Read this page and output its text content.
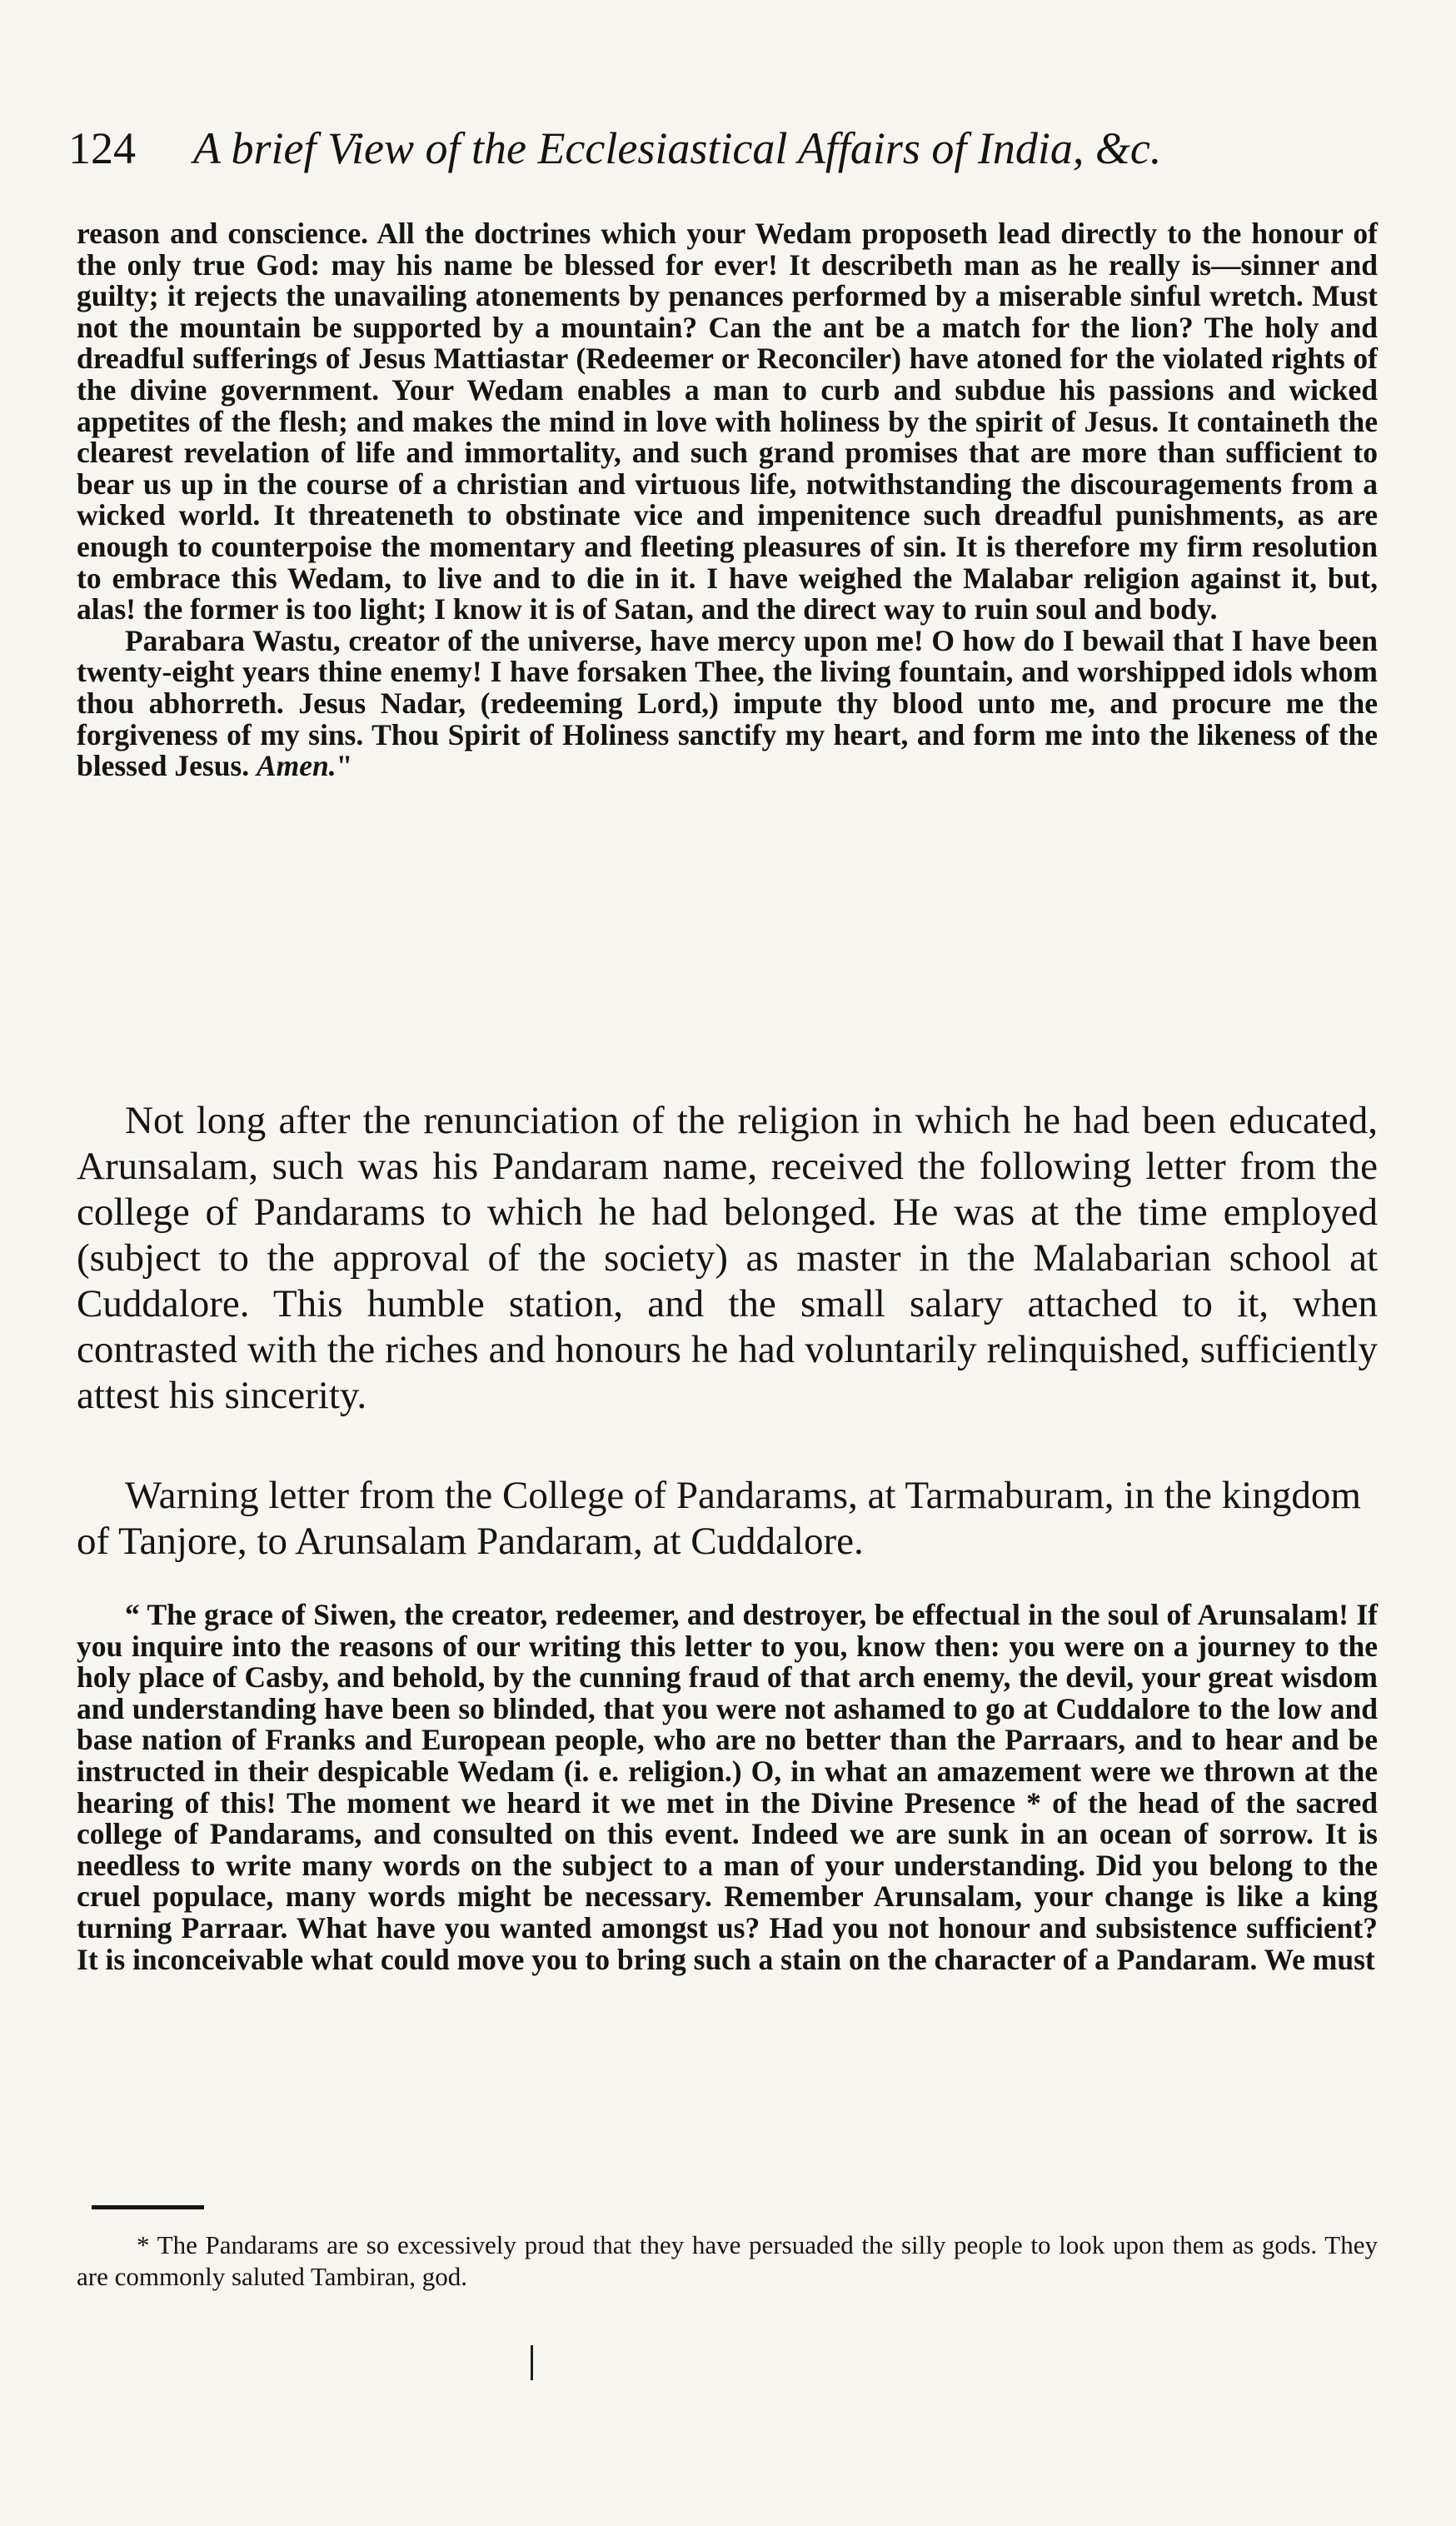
124 A brief View of the Ecclesiastical Affairs of India, &c.

reason and conscience. All the doctrines which your Wedam proposeth lead directly to the honour of the only true God: may his name be blessed for ever! It describeth man as he really is—sinner and guilty; it rejects the unavailing atonements by penances performed by a miserable sinful wretch. Must not the mountain be supported by a mountain? Can the ant be a match for the lion? The holy and dreadful sufferings of Jesus Mattiastar (Redeemer or Reconciler) have atoned for the violated rights of the divine government. Your Wedam enables a man to curb and subdue his passions and wicked appetites of the flesh; and makes the mind in love with holiness by the spirit of Jesus. It containeth the clearest revelation of life and immortality, and such grand promises that are more than sufficient to bear us up in the course of a christian and virtuous life, notwithstanding the discouragements from a wicked world. It threateneth to obstinate vice and impenitence such dreadful punishments, as are enough to counterpoise the momentary and fleeting pleasures of sin. It is therefore my firm resolution to embrace this Wedam, to live and to die in it. I have weighed the Malabar religion against it, but, alas! the former is too light; I know it is of Satan, and the direct way to ruin soul and body.

Parabara Wastu, creator of the universe, have mercy upon me! O how do I bewail that I have been twenty-eight years thine enemy! I have forsaken Thee, the living fountain, and worshipped idols whom thou abhorreth. Jesus Nadar, (redeeming Lord,) impute thy blood unto me, and procure me the forgiveness of my sins. Thou Spirit of Holiness sanctify my heart, and form me into the likeness of the blessed Jesus. Amen."

Not long after the renunciation of the religion in which he had been educated, Arunsalam, such was his Pandaram name, received the following letter from the college of Pandarams to which he had belonged. He was at the time employed (subject to the approval of the society) as master in the Malabarian school at Cuddalore. This humble station, and the small salary attached to it, when contrasted with the riches and honours he had voluntarily relinquished, sufficiently attest his sincerity.

Warning letter from the College of Pandarams, at Tarmaburam, in the kingdom of Tanjore, to Arunsalam Pandaram, at Cuddalore.

“ The grace of Siwen, the creator, redeemer, and destroyer, be effectual in the soul of Arunsalam! If you inquire into the reasons of our writing this letter to you, know then: you were on a journey to the holy place of Casby, and behold, by the cunning fraud of that arch enemy, the devil, your great wisdom and understanding have been so blinded, that you were not ashamed to go at Cuddalore to the low and base nation of Franks and European people, who are no better than the Parraars, and to hear and be instructed in their despicable Wedam (i. e. religion.) O, in what an amazement were we thrown at the hearing of this! The moment we heard it we met in the Divine Presence * of the head of the sacred college of Pandarams, and consulted on this event. Indeed we are sunk in an ocean of sorrow. It is needless to write many words on the subject to a man of your understanding. Did you belong to the cruel populace, many words might be necessary. Remember Arunsalam, your change is like a king turning Parraar. What have you wanted amongst us? Had you not honour and subsistence sufficient? It is inconceivable what could move you to bring such a stain on the character of a Pandaram. We must

* The Pandarams are so excessively proud that they have persuaded the silly people to look upon them as gods. They are commonly saluted Tambiran, god.
